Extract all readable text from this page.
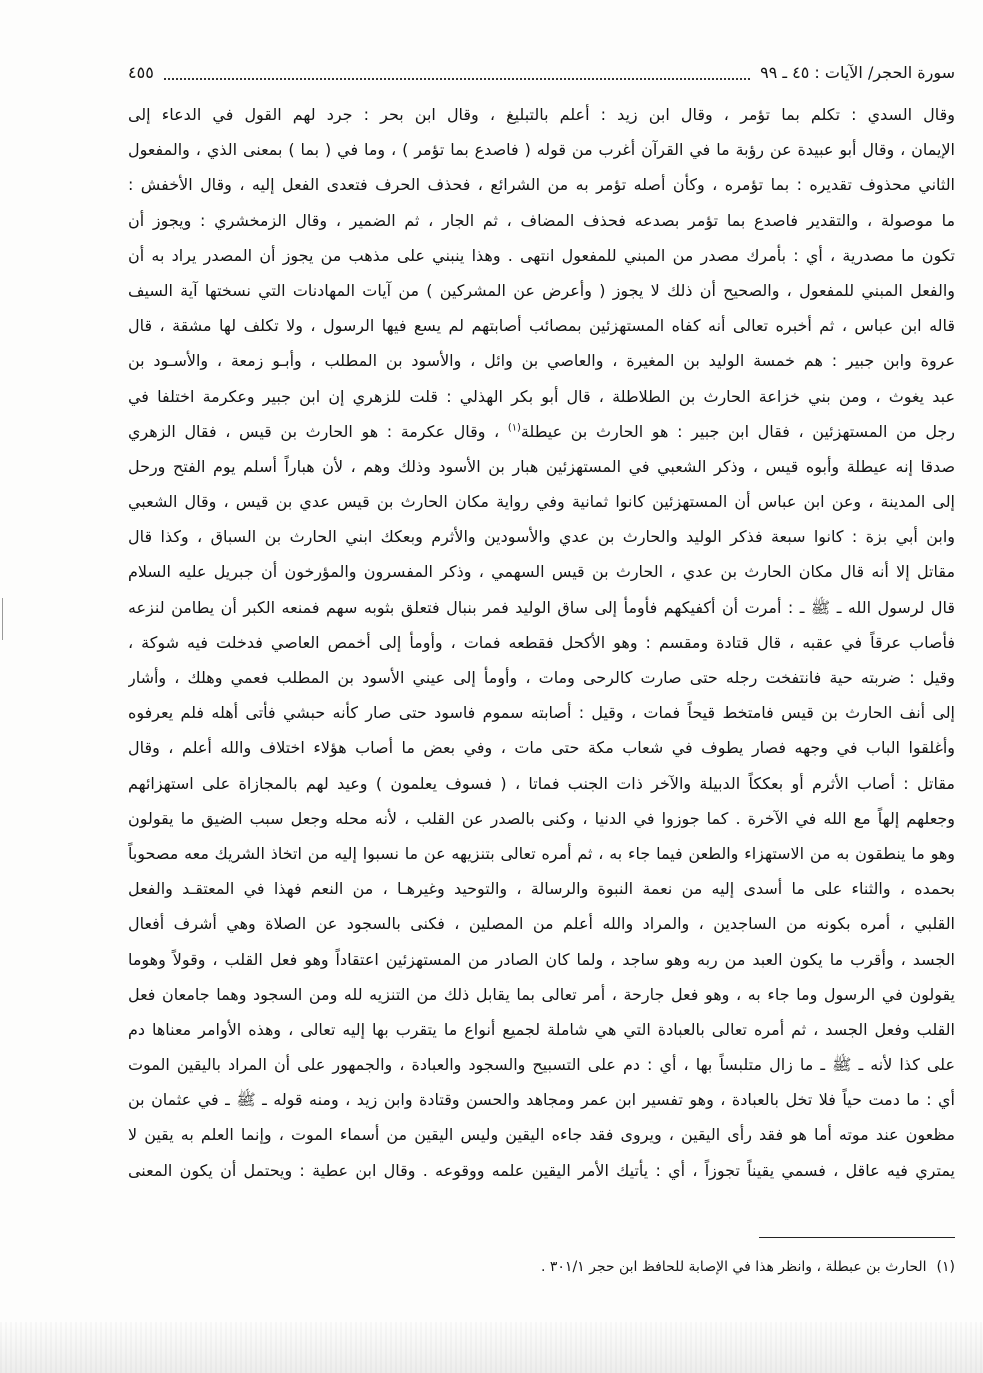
سورة الحجر/ الآيات : ٤٥ ـ ٩٩
٤٥٥
وقال السدي : تكلم بما تؤمر ، وقال ابن زيد : أعلم بالتبليغ ، وقال ابن بحر : جرد لهم القول في الدعاء إلى
الإيمان ، وقال أبو عبيدة عن رؤبة ما في القرآن أغرب من قوله ( فاصدع بما تؤمر ) ، وما في ( بما ) بمعنى الذي ، والمفعول
الثاني محذوف تقديره : بما تؤمره ، وكأن أصله تؤمر به من الشرائع ، فحذف الحرف فتعدى الفعل إليه ، وقال الأخفش :
ما موصولة ، والتقدير فاصدع بما تؤمر بصدعه فحذف المضاف ، ثم الجار ، ثم الضمير ، وقال الزمخشري : ويجوز أن
تكون ما مصدرية ، أي : بأمرك مصدر من المبني للمفعول انتهى . وهذا ينبني على مذهب من يجوز أن المصدر يراد به أن
والفعل المبني للمفعول ، والصحيح أن ذلك لا يجوز ( وأعرض عن المشركين ) من آيات المهادنات التي نسختها آية السيف
قاله ابن عباس ، ثم أخبره تعالى أنه كفاه المستهزئين بمصائب أصابتهم لم يسع فيها الرسول ، ولا تكلف لها مشقة ، قال
عروة وابن جبير : هم خمسة الوليد بن المغيرة ، والعاصي بن وائل ، والأسود بن المطلب ، وأبـو زمعة ، والأسـود بن
عبد يغوث ، ومن بني خزاعة الحارث بن الطلاطلة ، قال أبو بكر الهذلي : قلت للزهري إن ابن جبير وعكرمة اختلفا في
رجل من المستهزئين ، فقال ابن جبير : هو الحارث بن عيطلة$^{(١)}$ ، وقال عكرمة : هو الحارث بن قيس ، فقال الزهري
صدقا إنه عيطلة وأبوه قيس ، وذكر الشعبي في المستهزئين هبار بن الأسود وذلك وهم ، لأن هباراً أسلم يوم الفتح ورحل
إلى المدينة ، وعن ابن عباس أن المستهزئين كانوا ثمانية وفي رواية مكان الحارث بن قيس عدي بن قيس ، وقال الشعبي
وابن أبي بزة : كانوا سبعة فذكر الوليد والحارث بن عدي والأسودين والأثرم وبعكك ابني الحارث بن السباق ، وكذا قال
مقاتل إلا أنه قال مكان الحارث بن عدي ، الحارث بن قيس السهمي ، وذكر المفسرون والمؤرخون أن جبريل عليه السلام
قال لرسول الله ـ ﷺ ـ : أمرت أن أكفيكهم فأومأ إلى ساق الوليد فمر بنبال فتعلق بثوبه سهم فمنعه الكبر أن يطامن لنزعه
فأصاب عرقاً في عقبه ، قال قتادة ومقسم : وهو الأكحل فقطعه فمات ، وأومأ إلى أخمص العاصي فدخلت فيه شوكة ،
وقيل : ضربته حية فانتفخت رجله حتى صارت كالرحى ومات ، وأومأ إلى عيني الأسود بن المطلب فعمي وهلك ، وأشار
إلى أنف الحارث بن قيس فامتخط قيحاً فمات ، وقيل : أصابته سموم فاسود حتى صار كأنه حبشي فأتى أهله فلم يعرفوه
وأغلقوا الباب في وجهه فصار يطوف في شعاب مكة حتى مات ، وفي بعض ما أصاب هؤلاء اختلاف والله أعلم ، وقال
مقاتل : أصاب الأثرم أو بعككاً الدبيلة والآخر ذات الجنب فماتا ، ( فسوف يعلمون ) وعيد لهم بالمجازاة على استهزائهم
وجعلهم إلهاً مع الله في الآخرة . كما جوزوا في الدنيا ، وكنى بالصدر عن القلب ، لأنه محله وجعل سبب الضيق ما يقولون
وهو ما ينطقون به من الاستهزاء والطعن فيما جاء به ، ثم أمره تعالى بتنزيهه عن ما نسبوا إليه من اتخاذ الشريك معه مصحوباً
بحمده ، والثناء على ما أسدى إليه من نعمة النبوة والرسالة ، والتوحيد وغيرهـا ، من النعم فهذا في المعتقـد والفعل
القلبي ، أمره بكونه من الساجدين ، والمراد والله أعلم من المصلين ، فكنى بالسجود عن الصلاة وهي أشرف أفعال
الجسد ، وأقرب ما يكون العبد من ربه وهو ساجد ، ولما كان الصادر من المستهزئين اعتقاداً وهو فعل القلب ، وقولاً وهوما
يقولون في الرسول وما جاء به ، وهو فعل جارحة ، أمر تعالى بما يقابل ذلك من التنزيه لله ومن السجود وهما جامعان فعل
القلب وفعل الجسد ، ثم أمره تعالى بالعبادة التي هي شاملة لجميع أنواع ما يتقرب بها إليه تعالى ، وهذه الأوامر معناها دم
على كذا لأنه ـ ﷺ ـ ما زال متلبساً بها ، أي : دم على التسبيح والسجود والعبادة ، والجمهور على أن المراد باليقين الموت
أي : ما دمت حياً فلا تخل بالعبادة ، وهو تفسير ابن عمر ومجاهد والحسن وقتادة وابن زيد ، ومنه قوله ـ ﷺ ـ في عثمان بن
مظعون عند موته أما هو فقد رأى اليقين ، ويروى فقد جاءه اليقين وليس اليقين من أسماء الموت ، وإنما العلم به يقين لا
يمتري فيه عاقل ، فسمي يقيناً تجوزاً ، أي : يأتيك الأمر اليقين علمه ووقوعه . وقال ابن عطية : ويحتمل أن يكون المعنى
(١)الحارث بن عبطلة ، وانظر هذا في الإصابة للحافظ ابن حجر ٣٠١/١ .
